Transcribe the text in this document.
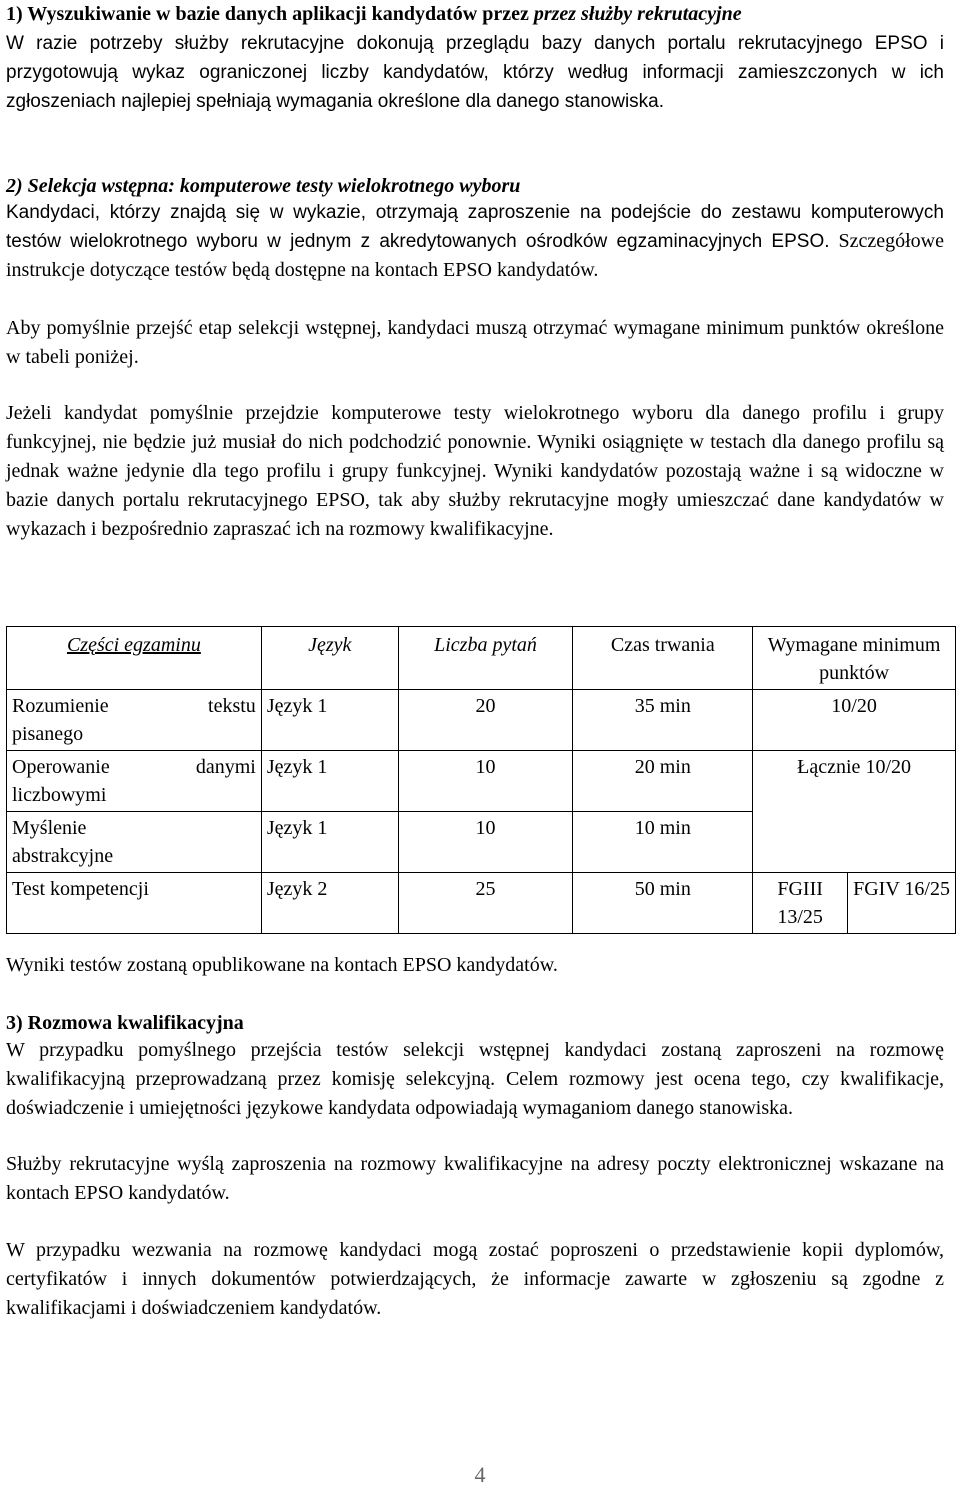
1) Wyszukiwanie w bazie danych aplikacji kandydatów przez przez służby rekrutacyjne

W razie potrzeby służby rekrutacyjne dokonują przeglądu bazy danych portalu rekrutacyjnego EPSO i przygotowują wykaz ograniczonej liczby kandydatów, którzy według informacji zamieszczonych w ich zgłoszeniach najlepiej spełniają wymagania określone dla danego stanowiska.

2) Selekcja wstępna: komputerowe testy wielokrotnego wyboru

Kandydaci, którzy znajdą się w wykazie, otrzymają zaproszenie na podejście do zestawu komputerowych testów wielokrotnego wyboru w jednym z akredytowanych ośrodków egzaminacyjnych EPSO. Szczegółowe instrukcje dotyczące testów będą dostępne na kontach EPSO kandydatów.

Aby pomyślnie przejść etap selekcji wstępnej, kandydaci muszą otrzymać wymagane minimum punktów określone w tabeli poniżej.

Jeżeli kandydat pomyślnie przejdzie komputerowe testy wielokrotnego wyboru dla danego profilu i grupy funkcyjnej, nie będzie już musiał do nich podchodzić ponownie. Wyniki osiągnięte w testach dla danego profilu są jednak ważne jedynie dla tego profilu i grupy funkcyjnej. Wyniki kandydatów pozostają ważne i są widoczne w bazie danych portalu rekrutacyjnego EPSO, tak aby służby rekrutacyjne mogły umieszczać dane kandydatów w wykazach i bezpośrednio zapraszać ich na rozmowy kwalifikacyjne.

Części egzaminu	Język	Liczba pytań	Czas trwania	Wymagane minimum punktów	

Rozumienie tekstu
pisanego	Język 1	20	35 min	10/20	

Operowanie danymi
liczbowymi	Język 1	10	20 min	Łącznie 10/20	

Myślenie
abstrakcyjne	Język 1	10	10 min		
Test kompetencji	Język 2	25	50 min	FGIII 13/25	FGIV 16/25

Wyniki testów zostaną opublikowane na kontach EPSO kandydatów.

3) Rozmowa kwalifikacyjna

W przypadku pomyślnego przejścia testów selekcji wstępnej kandydaci zostaną zaproszeni na rozmowę kwalifikacyjną przeprowadzaną przez komisję selekcyjną. Celem rozmowy jest ocena tego, czy kwalifikacje, doświadczenie i umiejętności językowe kandydata odpowiadają wymaganiom danego stanowiska.

Służby rekrutacyjne wyślą zaproszenia na rozmowy kwalifikacyjne na adresy poczty elektronicznej wskazane na kontach EPSO kandydatów.

W przypadku wezwania na rozmowę kandydaci mogą zostać poproszeni o przedstawienie kopii dyplomów, certyfikatów i innych dokumentów potwierdzających, że informacje zawarte w zgłoszeniu są zgodne z kwalifikacjami i doświadczeniem kandydatów.

4
